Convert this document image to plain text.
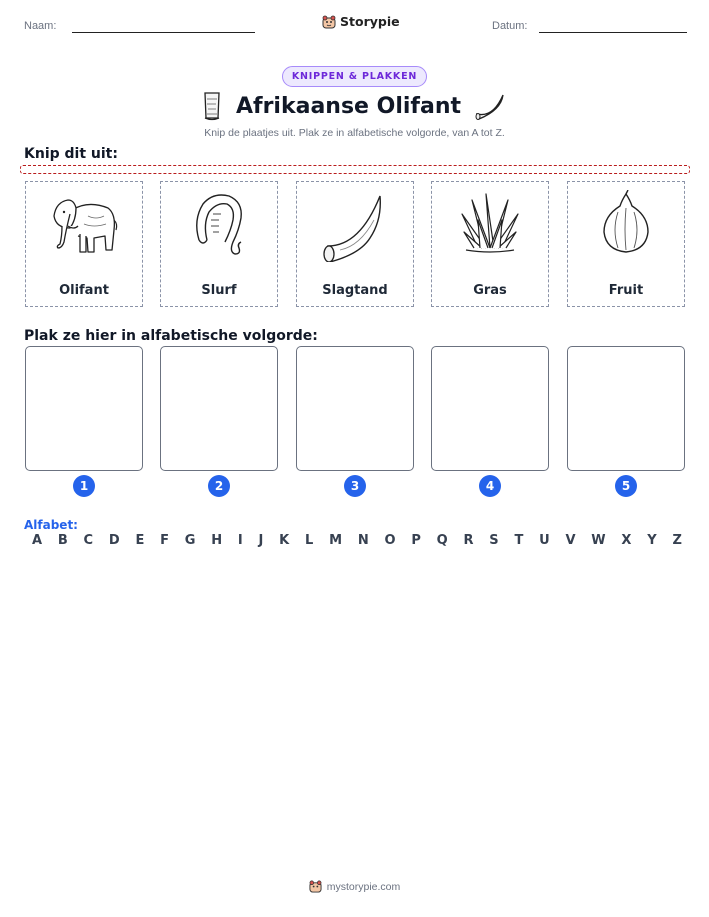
Naam:	Storypie	Datum:
KNIPPEN & PLAKKEN
Afrikaanse Olifant
Knip de plaatjes uit. Plak ze in alfabetische volgorde, van A tot Z.
Knip dit uit:
Olifant	Slurf	Slagtand	Gras	Fruit
Plak ze hier in alfabetische volgorde:
1	2	3	4	5
Alfabet:
A B C D E F G H I J K L M N O P Q R S T U V W X Y Z
mystorypie.com
